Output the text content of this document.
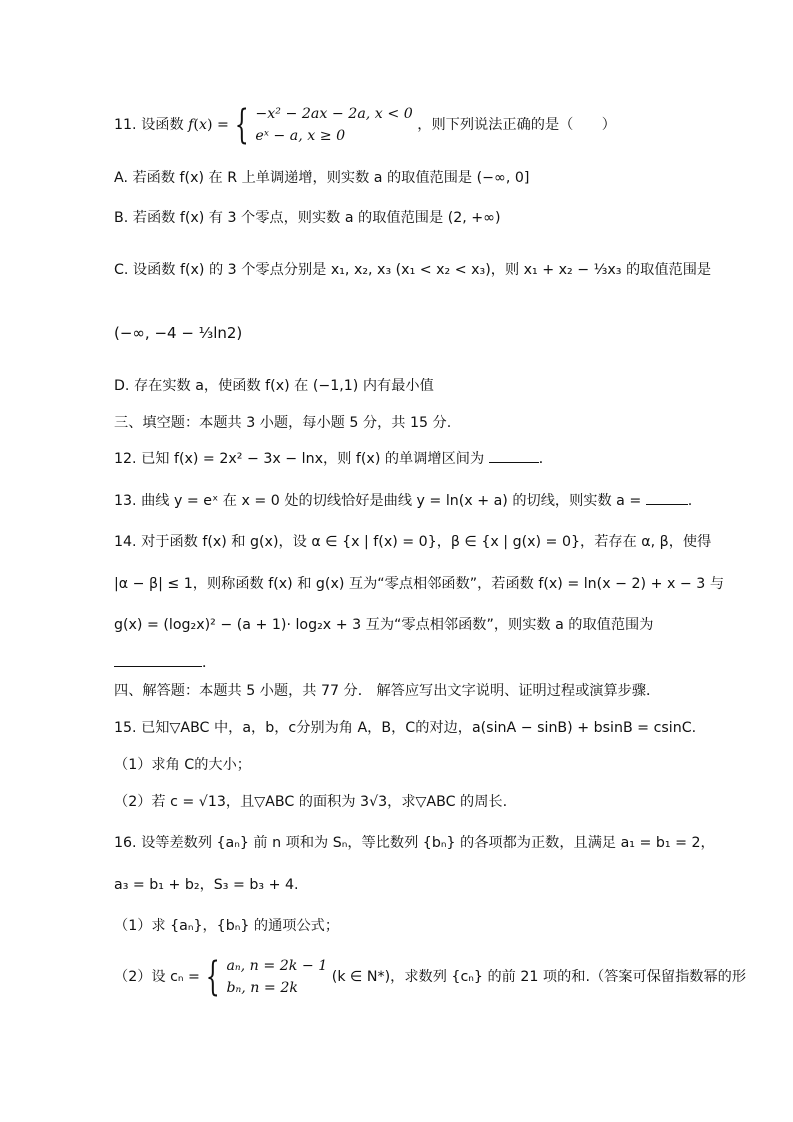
11. 设函数 f(x) = { −x² − 2ax − 2a, x < 0
eˣ − a, x ≥ 0
，则下列说法正确的是（　　）
A. 若函数 f(x) 在 R 上单调递增，则实数 a 的取值范围是 (−∞, 0]
B. 若函数 f(x) 有 3 个零点，则实数 a 的取值范围是 (2, +∞)
C. 设函数 f(x) 的 3 个零点分别是 x₁, x₂, x₃ (x₁ < x₂ < x₃)，则 x₁ + x₂ − ⅓x₃ 的取值范围是
(−∞, −4 − ⅓ln2)
D. 存在实数 a，使函数 f(x) 在 (−1,1) 内有最小值
三、填空题：本题共 3 小题，每小题 5 分，共 15 分.
12. 已知 f(x) = 2x² − 3x − lnx，则 f(x) 的单调增区间为	．
13. 曲线 y = eˣ 在 x = 0 处的切线恰好是曲线 y = ln(x + a) 的切线，则实数 a =	.
14. 对于函数 f(x) 和 g(x)，设 α ∈ {x | f(x) = 0}，β ∈ {x | g(x) = 0}，若存在 α, β，使得
|α − β| ≤ 1，则称函数 f(x) 和 g(x) 互为“零点相邻函数”，若函数 f(x) = ln(x − 2) + x − 3 与
g(x) = (log₂x)² − (a + 1)· log₂x + 3 互为“零点相邻函数”，则实数 a 的取值范围为
．
四、解答题：本题共 5 小题，共 77 分． 解答应写出文字说明、证明过程或演算步骤．
15. 已知▽ABC 中，a，b，c分别为角 A，B，C的对边，a(sinA − sinB) + bsinB = csinC.
（1）求角 C的大小；
（2）若 c = √13，且▽ABC 的面积为 3√3，求▽ABC 的周长.
16. 设等差数列 {aₙ} 前 n 项和为 Sₙ，等比数列 {bₙ} 的各项都为正数，且满足 a₁ = b₁ = 2，
a₃ = b₁ + b₂，S₃ = b₃ + 4.
（1）求 {aₙ}，{bₙ} 的通项公式；
（2）设 cₙ = { aₙ, n = 2k − 1
bₙ, n = 2k
(k ∈ N*)，求数列 {cₙ} 的前 21 项的和.（答案可保留指数幂的形
